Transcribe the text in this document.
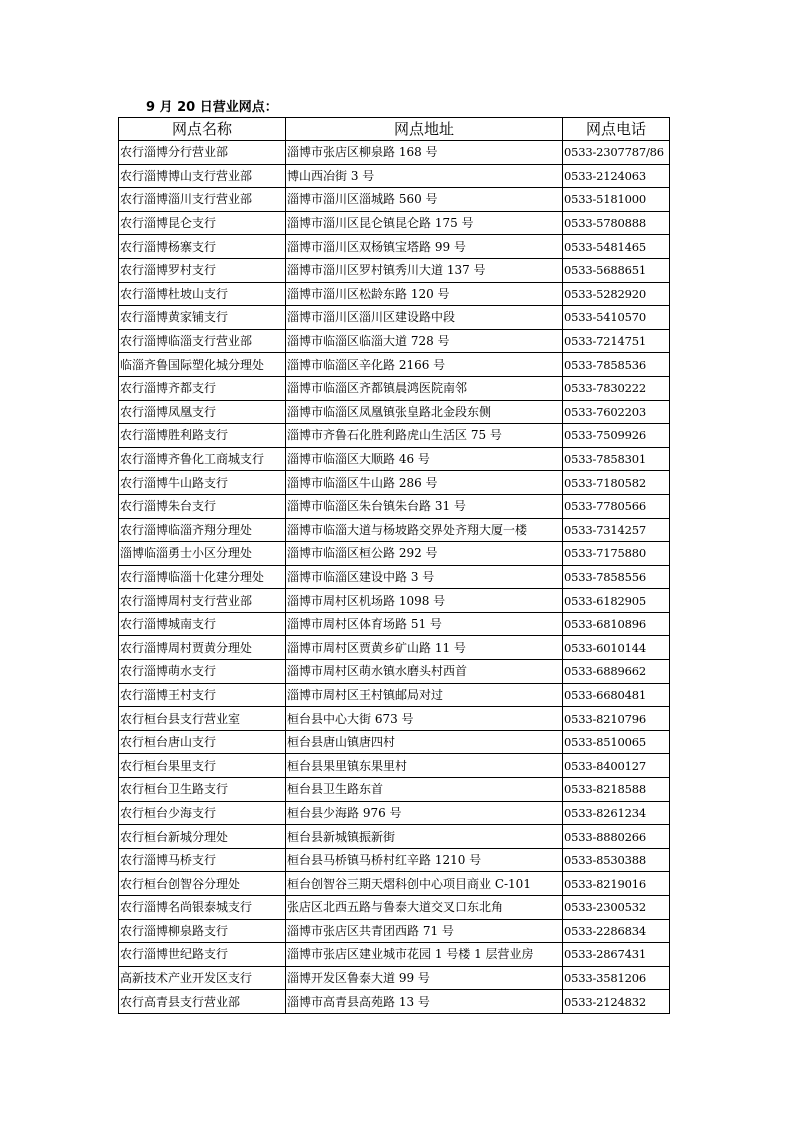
9 月 20 日营业网点：
网点名称	网点地址	网点电话
农行淄博分行营业部	淄博市张店区柳泉路 168 号	0533-2307787/86
农行淄博博山支行营业部	博山西冶街 3 号	0533-2124063
农行淄博淄川支行营业部	淄博市淄川区淄城路 560 号	0533-5181000
农行淄博昆仑支行	淄博市淄川区昆仑镇昆仑路 175 号	0533-5780888
农行淄博杨寨支行	淄博市淄川区双杨镇宝塔路 99 号	0533-5481465
农行淄博罗村支行	淄博市淄川区罗村镇秀川大道 137 号	0533-5688651
农行淄博杜坡山支行	淄博市淄川区松龄东路 120 号	0533-5282920
农行淄博黄家铺支行	淄博市淄川区淄川区建设路中段	0533-5410570
农行淄博临淄支行营业部	淄博市临淄区临淄大道 728 号	0533-7214751
临淄齐鲁国际塑化城分理处	淄博市临淄区辛化路 2166 号	0533-7858536
农行淄博齐都支行	淄博市临淄区齐都镇晨鸿医院南邻	0533-7830222
农行淄博凤凰支行	淄博市临淄区凤凰镇张皇路北金段东侧	0533-7602203
农行淄博胜利路支行	淄博市齐鲁石化胜利路虎山生活区 75 号	0533-7509926
农行淄博齐鲁化工商城支行	淄博市临淄区大顺路 46 号	0533-7858301
农行淄博牛山路支行	淄博市临淄区牛山路 286 号	0533-7180582
农行淄博朱台支行	淄博市临淄区朱台镇朱台路 31 号	0533-7780566
农行淄博临淄齐翔分理处	淄博市临淄大道与杨坡路交界处齐翔大厦一楼	0533-7314257
淄博临淄勇士小区分理处	淄博市临淄区桓公路 292 号	0533-7175880
农行淄博临淄十化建分理处	淄博市临淄区建设中路 3 号	0533-7858556
农行淄博周村支行营业部	淄博市周村区机场路 1098 号	0533-6182905
农行淄博城南支行	淄博市周村区体育场路 51 号	0533-6810896
农行淄博周村贾黄分理处	淄博市周村区贾黄乡矿山路 11 号	0533-6010144
农行淄博萌水支行	淄博市周村区萌水镇水磨头村西首	0533-6889662
农行淄博王村支行	淄博市周村区王村镇邮局对过	0533-6680481
农行桓台县支行营业室	桓台县中心大街 673 号	0533-8210796
农行桓台唐山支行	桓台县唐山镇唐四村	0533-8510065
农行桓台果里支行	桓台县果里镇东果里村	0533-8400127
农行桓台卫生路支行	桓台县卫生路东首	0533-8218588
农行桓台少海支行	桓台县少海路 976 号	0533-8261234
农行桓台新城分理处	桓台县新城镇振新街	0533-8880266
农行淄博马桥支行	桓台县马桥镇马桥村红辛路 1210 号	0533-8530388
农行桓台创智谷分理处	桓台创智谷三期天熠科创中心项目商业 C-101	0533-8219016
农行淄博名尚银泰城支行	张店区北西五路与鲁泰大道交叉口东北角	0533-2300532
农行淄博柳泉路支行	淄博市张店区共青团西路 71 号	0533-2286834
农行淄博世纪路支行	淄博市张店区建业城市花园 1 号楼 1 层营业房	0533-2867431
高新技术产业开发区支行	淄博开发区鲁泰大道 99 号	0533-3581206
农行高青县支行营业部	淄博市高青县高苑路 13 号	0533-2124832
